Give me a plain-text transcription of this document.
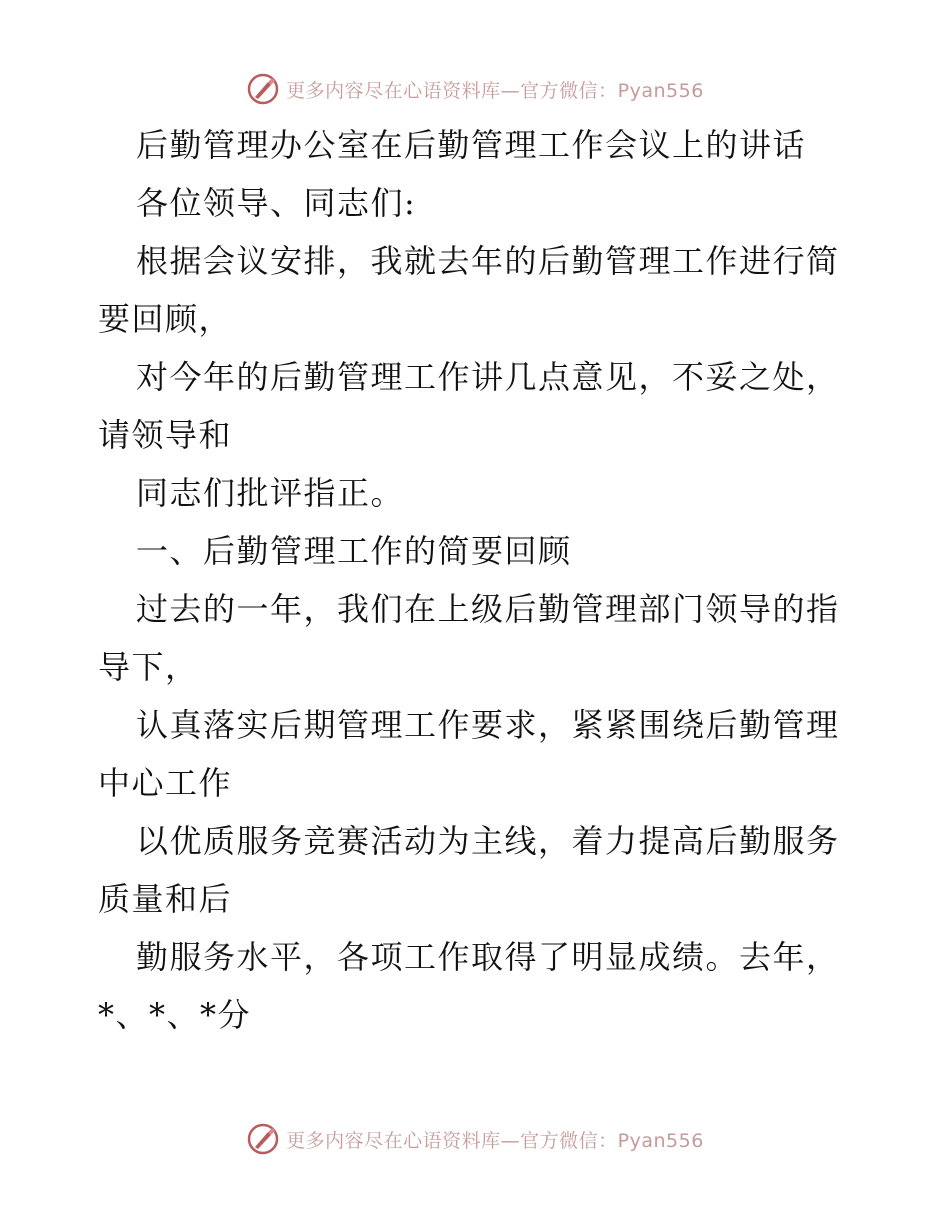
更多内容尽在心语资料库—官方微信：Pyan556
后勤管理办公室在后勤管理工作会议上的讲话
各位领导、同志们:
根据会议安排，我就去年的后勤管理工作进行简
要回顾，
对今年的后勤管理工作讲几点意见，不妥之处，
请领导和
同志们批评指正。
一、后勤管理工作的简要回顾
过去的一年，我们在上级后勤管理部门领导的指
导下，
认真落实后期管理工作要求，紧紧围绕后勤管理
中心工作
以优质服务竞赛活动为主线，着力提高后勤服务
质量和后
勤服务水平，各项工作取得了明显成绩。去年，
*、*、*分
更多内容尽在心语资料库—官方微信：Pyan556
